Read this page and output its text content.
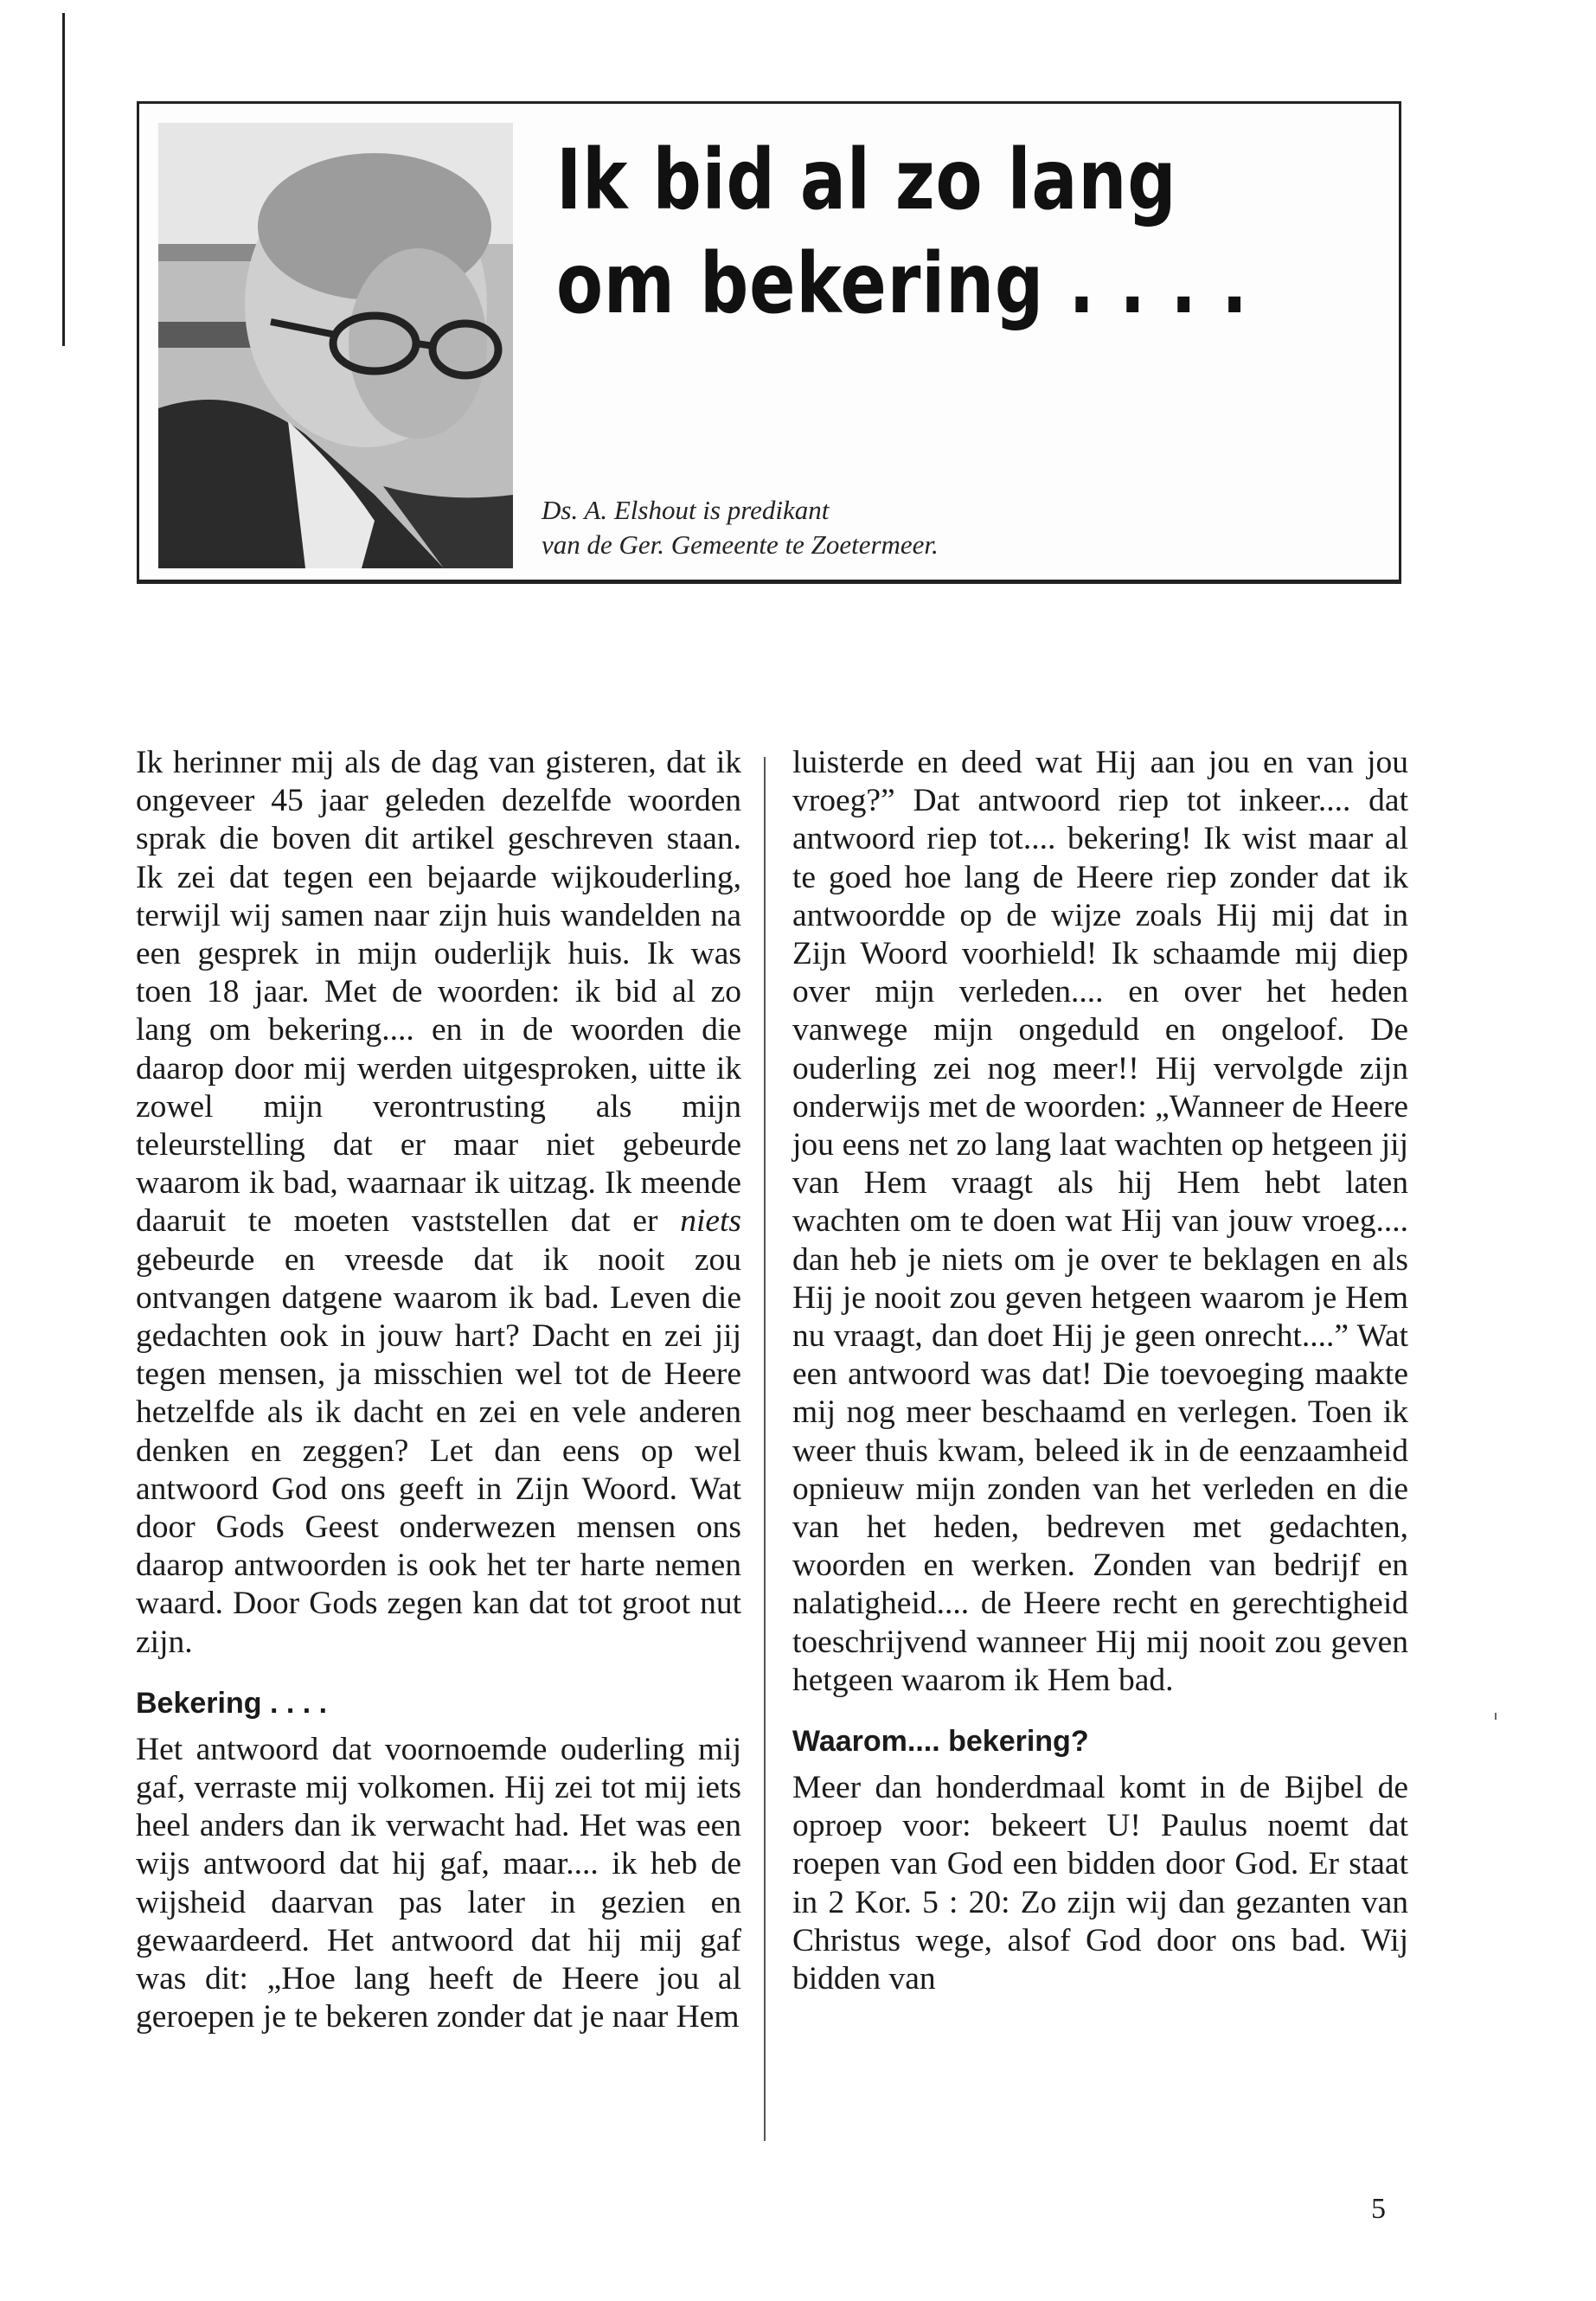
Ik bid al zo lang
om bekering . . . .
Ds. A. Elshout is predikant
van de Ger. Gemeente te Zoetermeer.

Ik herinner mij als de dag van gisteren, dat ik ongeveer 45 jaar geleden dezelfde woorden sprak die boven dit artikel geschreven staan. Ik zei dat tegen een bejaarde wijkouderling, terwijl wij samen naar zijn huis wandelden na een gesprek in mijn ouderlijk huis. Ik was toen 18 jaar. Met de woorden: ik bid al zo lang om bekering.... en in de woorden die daarop door mij werden uitgesproken, uitte ik zowel mijn verontrusting als mijn teleurstelling dat er maar niet gebeurde waarom ik bad, waarnaar ik uitzag. Ik meende daaruit te moeten vaststellen dat er niets gebeurde en vreesde dat ik nooit zou ontvangen datgene waarom ik bad. Leven die gedachten ook in jouw hart? Dacht en zei jij tegen mensen, ja misschien wel tot de Heere hetzelfde als ik dacht en zei en vele anderen denken en zeggen? Let dan eens op wel antwoord God ons geeft in Zijn Woord. Wat door Gods Geest onderwezen mensen ons daarop antwoorden is ook het ter harte nemen waard. Door Gods zegen kan dat tot groot nut zijn.

Bekering . . . .

Het antwoord dat voornoemde ouderling mij gaf, verraste mij volkomen. Hij zei tot mij iets heel anders dan ik verwacht had. Het was een wijs antwoord dat hij gaf, maar.... ik heb de wijsheid daarvan pas later in gezien en gewaardeerd. Het antwoord dat hij mij gaf was dit: „Hoe lang heeft de Heere jou al geroepen je te bekeren zonder dat je naar Hem

luisterde en deed wat Hij aan jou en van jou vroeg?” Dat antwoord riep tot inkeer.... dat antwoord riep tot.... bekering! Ik wist maar al te goed hoe lang de Heere riep zonder dat ik antwoordde op de wijze zoals Hij mij dat in Zijn Woord voorhield! Ik schaamde mij diep over mijn verleden.... en over het heden vanwege mijn ongeduld en ongeloof. De ouderling zei nog meer!! Hij vervolgde zijn onderwijs met de woorden: „Wanneer de Heere jou eens net zo lang laat wachten op hetgeen jij van Hem vraagt als hij Hem hebt laten wachten om te doen wat Hij van jouw vroeg.... dan heb je niets om je over te beklagen en als Hij je nooit zou geven hetgeen waarom je Hem nu vraagt, dan doet Hij je geen onrecht....” Wat een antwoord was dat! Die toevoeging maakte mij nog meer beschaamd en verlegen. Toen ik weer thuis kwam, beleed ik in de eenzaamheid opnieuw mijn zonden van het verleden en die van het heden, bedreven met gedachten, woorden en werken. Zonden van bedrijf en nalatigheid.... de Heere recht en gerechtigheid toeschrijvend wanneer Hij mij nooit zou geven hetgeen waarom ik Hem bad.

Waarom.... bekering?

Meer dan honderdmaal komt in de Bijbel de oproep voor: bekeert U! Paulus noemt dat roepen van God een bidden door God. Er staat in 2 Kor. 5 : 20: Zo zijn wij dan gezanten van Christus wege, alsof God door ons bad. Wij bidden van

5
